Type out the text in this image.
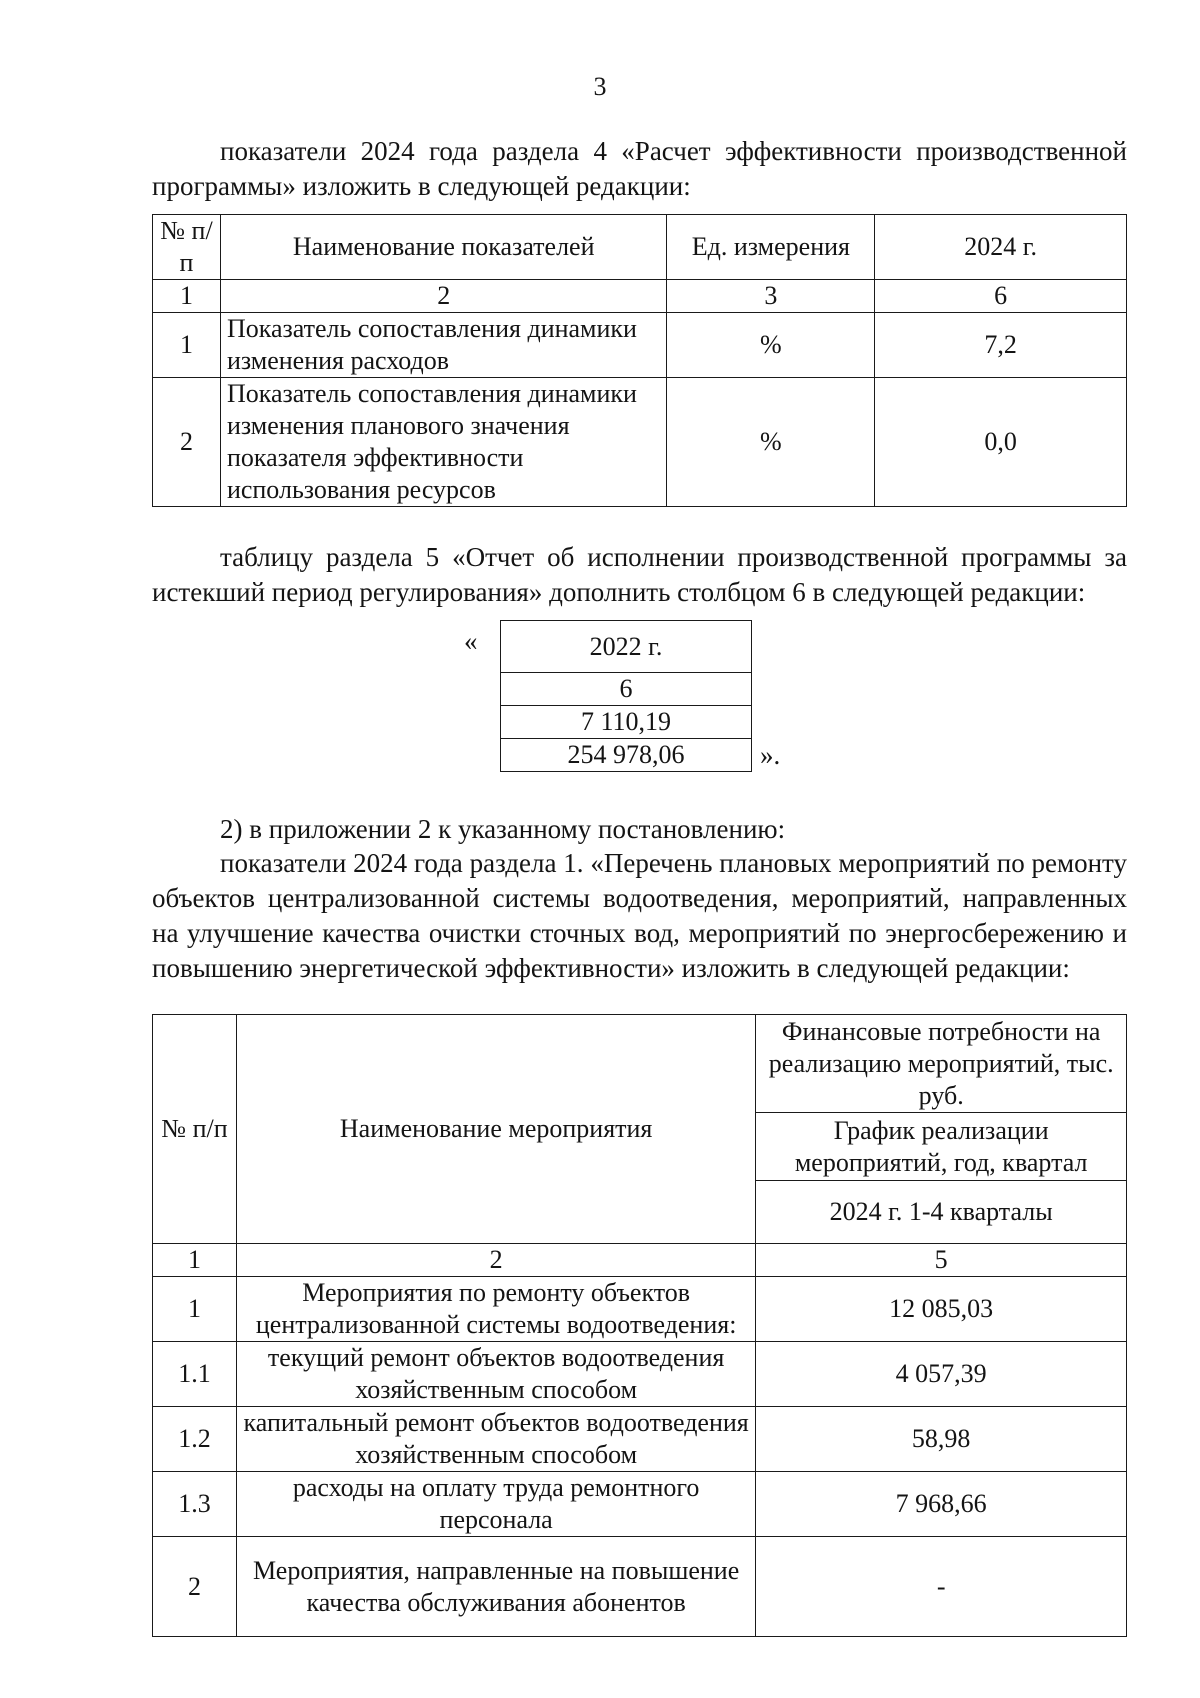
3

показатели 2024 года раздела 4 «Расчет эффективности производственной программы» изложить в следующей редакции:

№ п/п	Наименование показателей	Ед. измерения	2024 г.
1	2	3	6
1	Показатель сопоставления динамики изменения расходов	%	7,2
2	Показатель сопоставления динамики изменения планового значения показателя эффективности использования ресурсов	%	0,0

таблицу раздела 5 «Отчет об исполнении производственной программы за истекший период регулирования» дополнить столбцом 6 в следующей редакции:

«	2022 г.
6
7 110,19
254 978,06	».

2) в приложении 2 к указанному постановлению:

показатели 2024 года раздела 1. «Перечень плановых мероприятий по ремонту объектов централизованной системы водоотведения, мероприятий, направленных на улучшение качества очистки сточных вод, мероприятий по энергосбережению и повышению энергетической эффективности» изложить в следующей редакции:

№ п/п	Наименование мероприятия	Финансовые потребности на реализацию мероприятий, тыс. руб.
		График реализации мероприятий, год, квартал
		2024 г. 1-4 кварталы
1	2	5
1	Мероприятия по ремонту объектов централизованной системы водоотведения:	12 085,03
1.1	текущий ремонт объектов водоотведения хозяйственным способом	4 057,39
1.2	капитальный ремонт объектов водоотведения хозяйственным способом	58,98
1.3	расходы на оплату труда ремонтного персонала	7 968,66
2	Мероприятия, направленные на повышение качества обслуживания абонентов	-
